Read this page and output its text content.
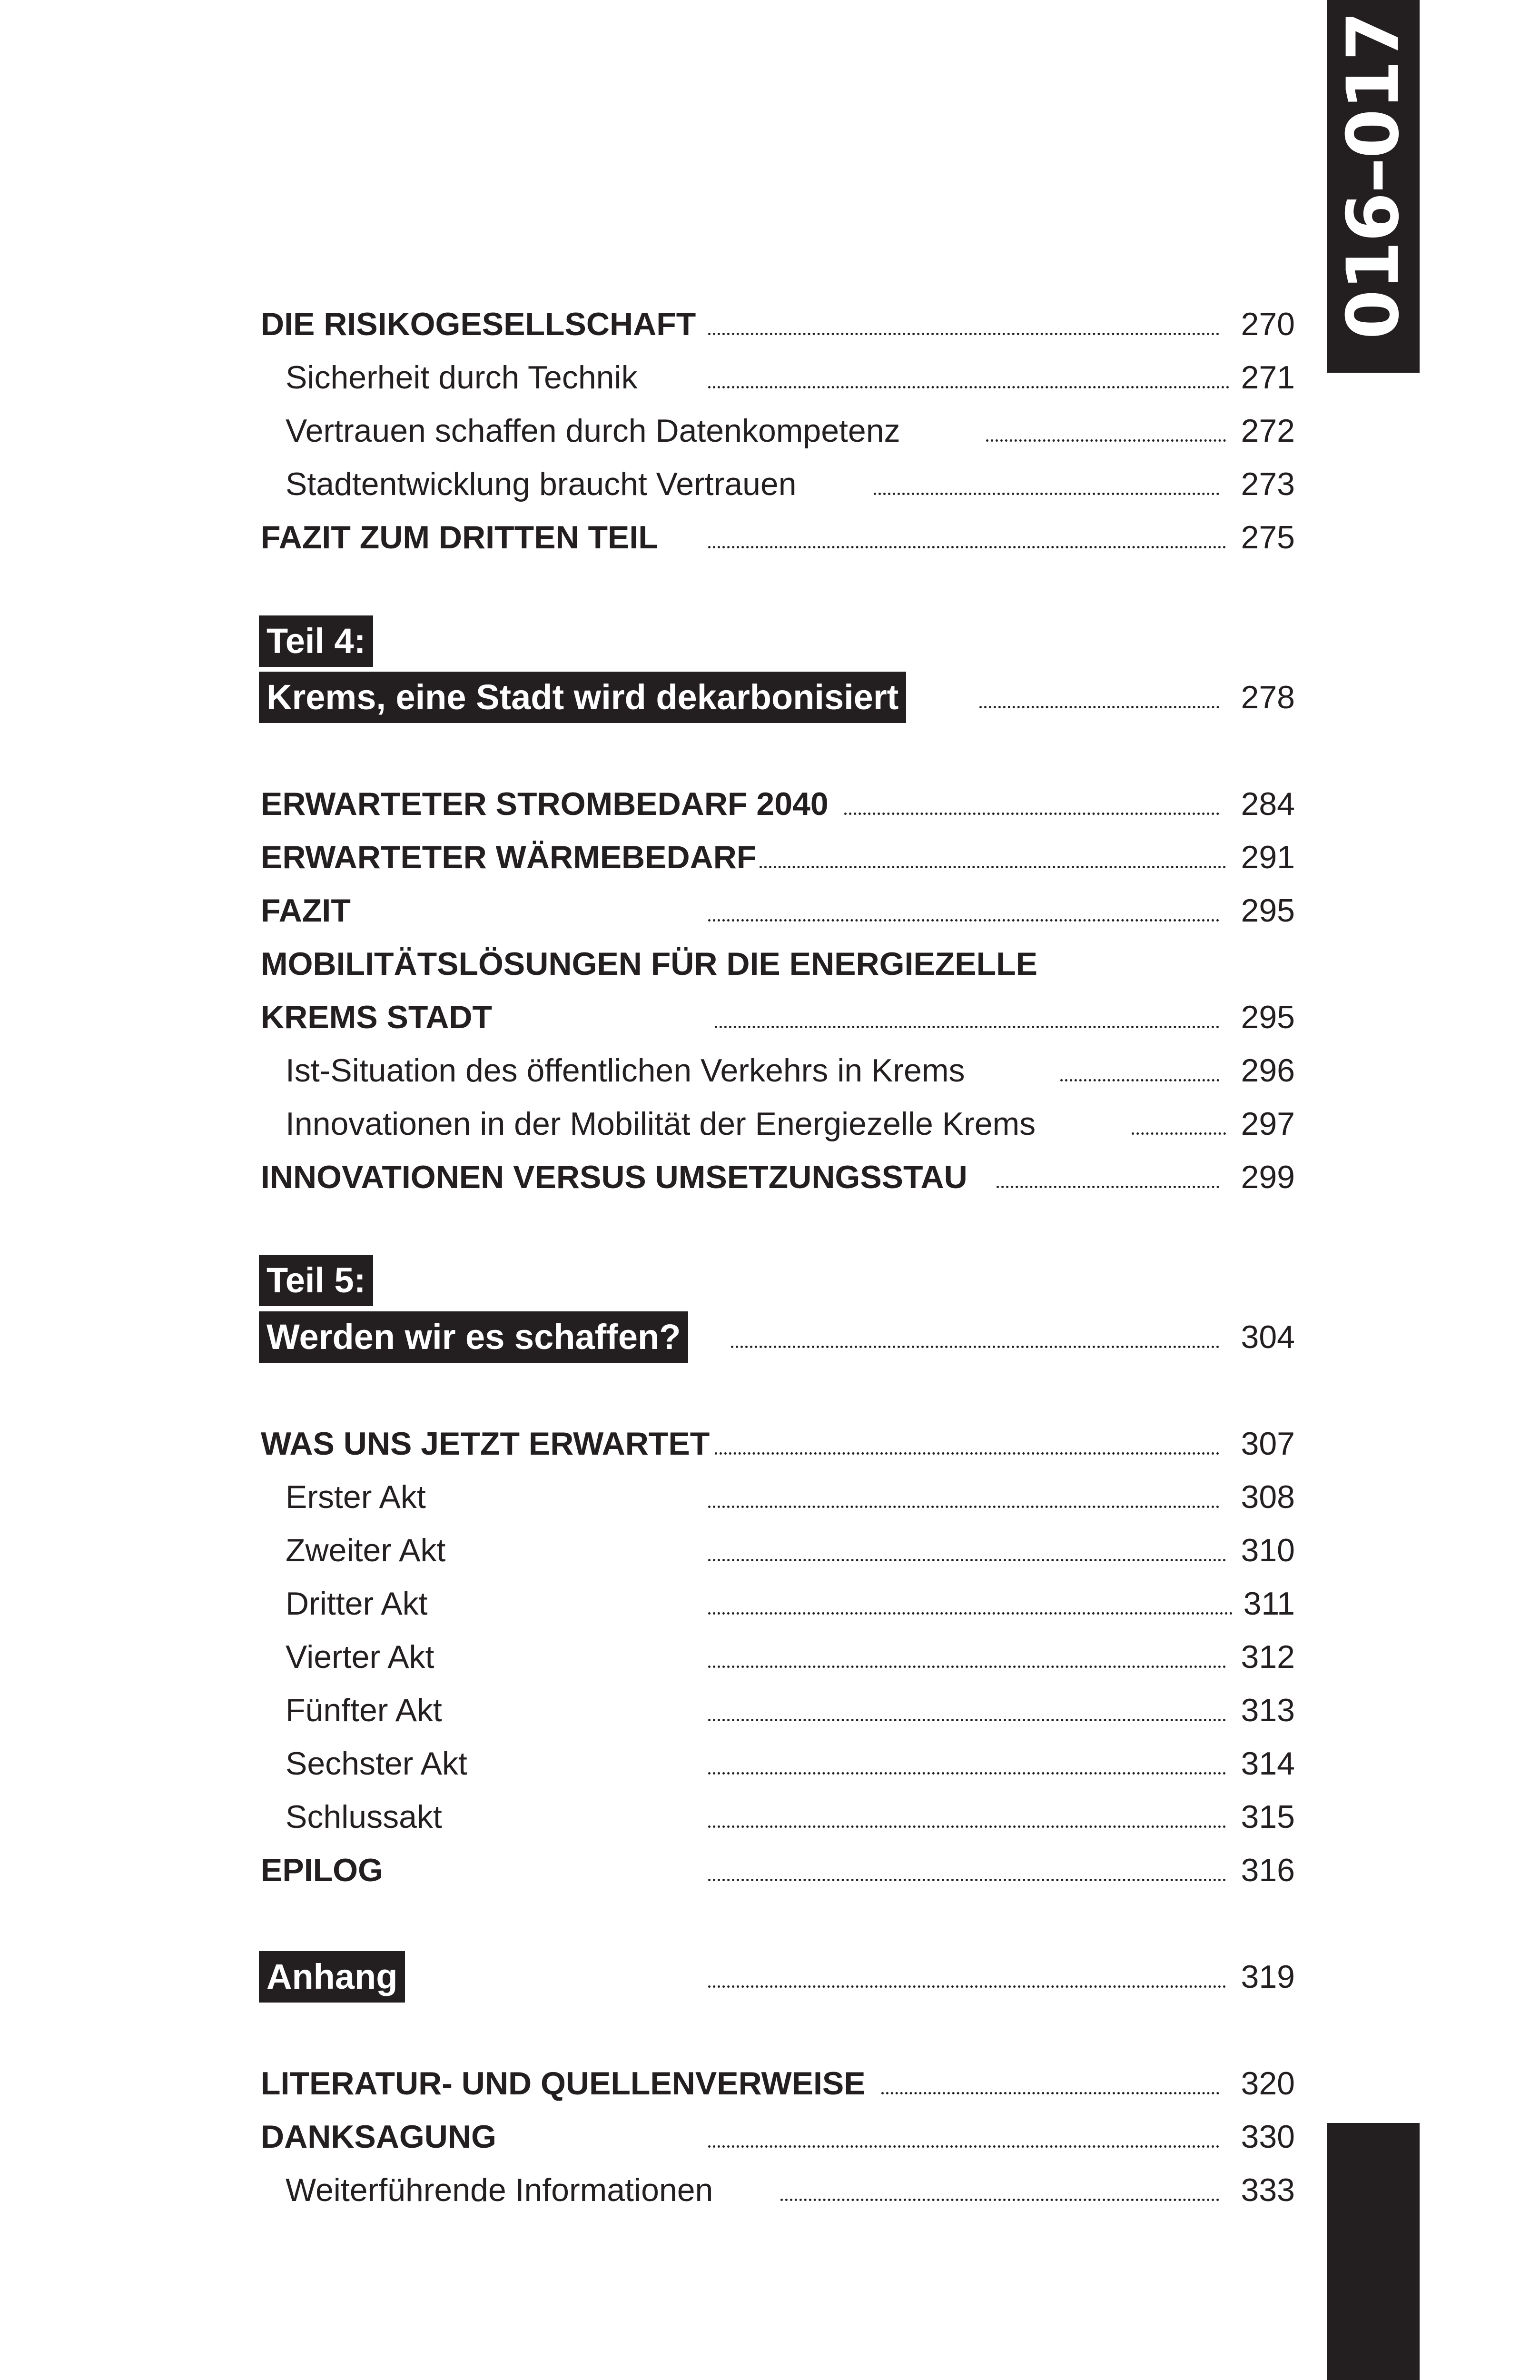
016–017
DIE RISIKOGESELLSCHAFT	270
Sicherheit durch Technik	271
Vertrauen schaffen durch Datenkompetenz	272
Stadtentwicklung braucht Vertrauen	273
FAZIT ZUM DRITTEN TEIL	275
Teil 4:
Krems, eine Stadt wird dekarbonisiert	278
ERWARTETER STROMBEDARF 2040	284
ERWARTETER WÄRMEBEDARF	291
FAZIT	295
MOBILITÄTSLÖSUNGEN FÜR DIE ENERGIEZELLE
KREMS STADT	295
Ist-Situation des öffentlichen Verkehrs in Krems	296
Innovationen in der Mobilität der Energiezelle Krems	297
INNOVATIONEN VERSUS UMSETZUNGSSTAU	299
Teil 5:
Werden wir es schaffen?	304
WAS UNS JETZT ERWARTET	307
Erster Akt	308
Zweiter Akt	310
Dritter Akt	311
Vierter Akt	312
Fünfter Akt	313
Sechster Akt	314
Schlussakt	315
EPILOG	316
Anhang	319
LITERATUR- UND QUELLENVERWEISE	320
DANKSAGUNG	330
Weiterführende Informationen	333
